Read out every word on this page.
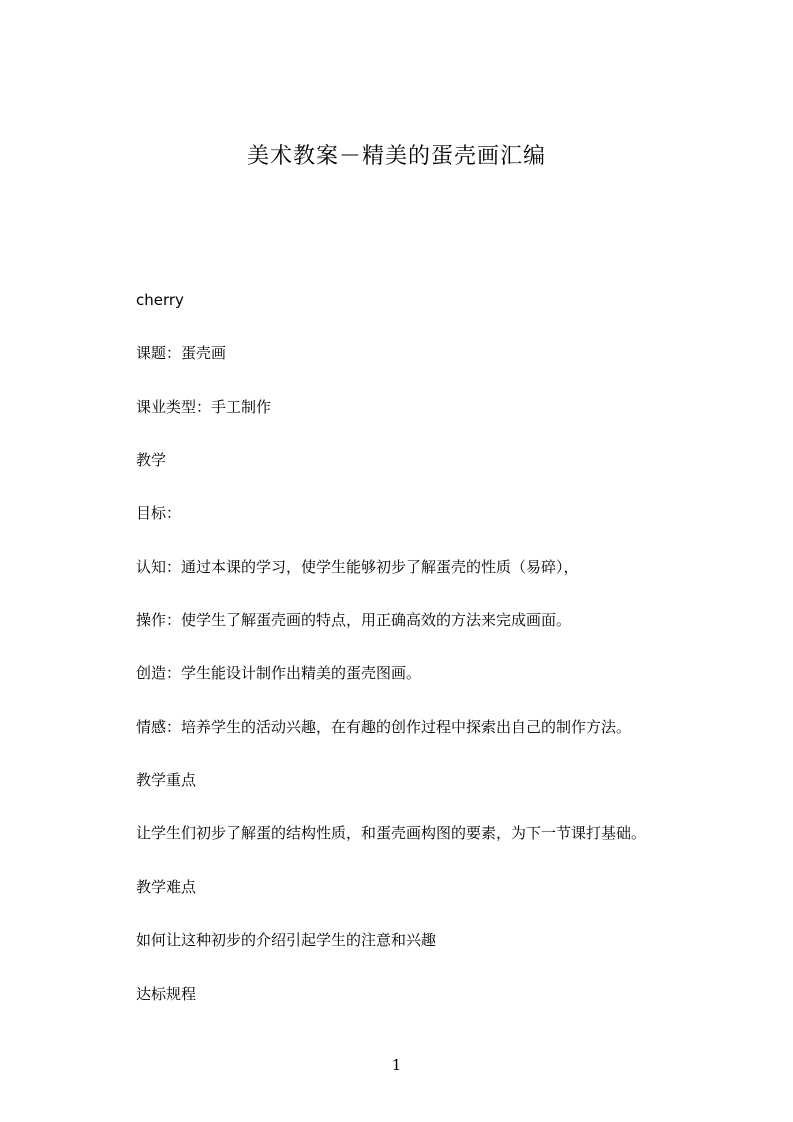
美术教案－精美的蛋壳画汇编
cherry
课题：蛋壳画
课业类型：手工制作
教学
目标：
认知：通过本课的学习，使学生能够初步了解蛋壳的性质（易碎），
操作：使学生了解蛋壳画的特点，用正确高效的方法来完成画面。
创造：学生能设计制作出精美的蛋壳图画。
情感：培养学生的活动兴趣，在有趣的创作过程中探索出自己的制作方法。
教学重点
让学生们初步了解蛋的结构性质，和蛋壳画构图的要素，为下一节课打基础。
教学难点
如何让这种初步的介绍引起学生的注意和兴趣
达标规程
1
